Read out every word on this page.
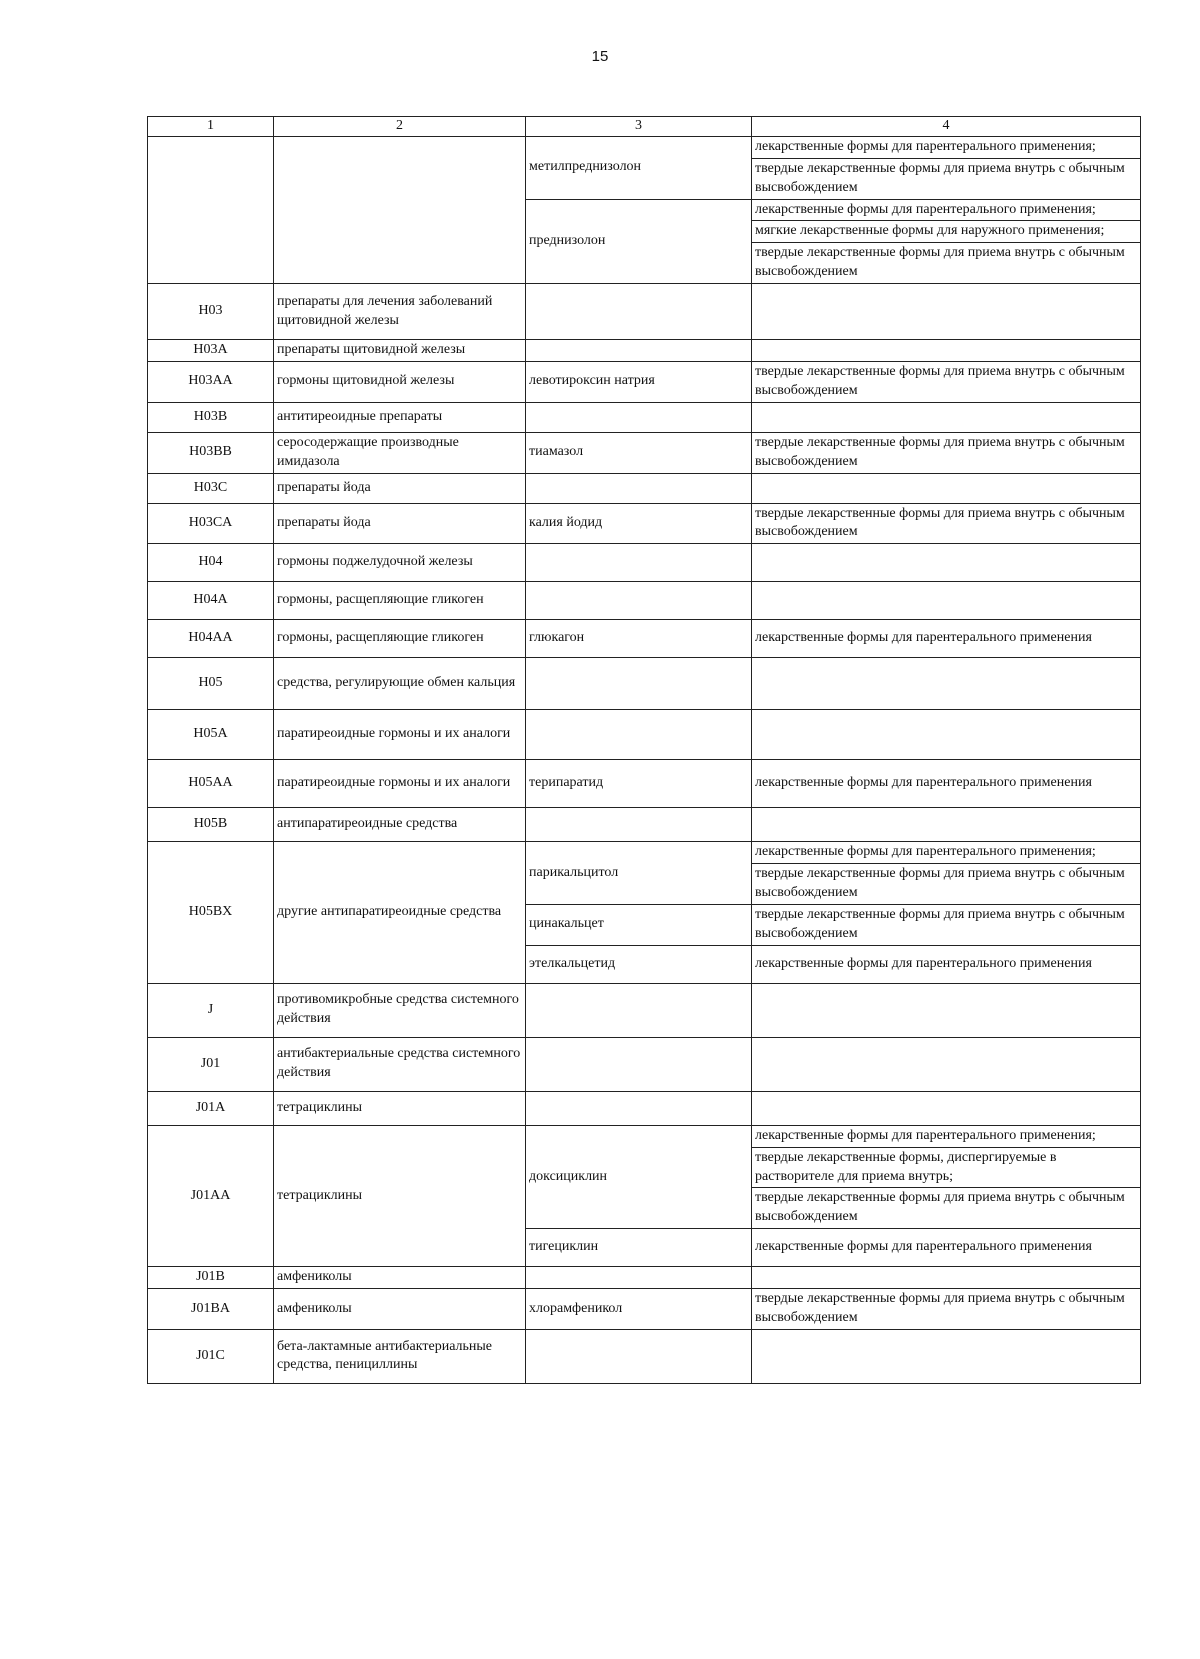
15
1	2	3	4
		метилпреднизолон	лекарственные формы для парентерального применения;
			твердые лекарственные формы для приема внутрь с обычным высвобождением
		преднизолон	лекарственные формы для парентерального применения;
			мягкие лекарственные формы для наружного применения;
			твердые лекарственные формы для приема внутрь с обычным высвобождением
H03	препараты для лечения заболеваний щитовидной железы		
H03A	препараты щитовидной железы		
H03AA	гормоны щитовидной железы	левотироксин натрия	твердые лекарственные формы для приема внутрь с обычным высвобождением
H03B	антитиреоидные препараты		
H03BB	серосодержащие производные имидазола	тиамазол	твердые лекарственные формы для приема внутрь с обычным высвобождением
H03C	препараты йода		
H03CA	препараты йода	калия йодид	твердые лекарственные формы для приема внутрь с обычным высвобождением
H04	гормоны поджелудочной железы		
H04A	гормоны, расщепляющие гликоген		
H04AA	гормоны, расщепляющие гликоген	глюкагон	лекарственные формы для парентерального применения
H05	средства, регулирующие обмен кальция		
H05A	паратиреоидные гормоны и их аналоги		
H05AA	паратиреоидные гормоны и их аналоги	терипаратид	лекарственные формы для парентерального применения
H05B	антипаратиреоидные средства		
H05BX	другие антипаратиреоидные средства	парикальцитол	лекарственные формы для парентерального применения;
			твердые лекарственные формы для приема внутрь с обычным высвобождением
		цинакальцет	твердые лекарственные формы для приема внутрь с обычным высвобождением
		этелкальцетид	лекарственные формы для парентерального применения
J	противомикробные средства системного действия		
J01	антибактериальные средства системного действия		
J01A	тетрациклины		
J01AA	тетрациклины	доксициклин	лекарственные формы для парентерального применения;
			твердые лекарственные формы, диспергируемые в растворителе для приема внутрь;
			твердые лекарственные формы для приема внутрь с обычным высвобождением
		тигециклин	лекарственные формы для парентерального применения
J01B	амфениколы		
J01BA	амфениколы	хлорамфеникол	твердые лекарственные формы для приема внутрь с обычным высвобождением
J01C	бета-лактамные антибактериальные средства, пенициллины		
